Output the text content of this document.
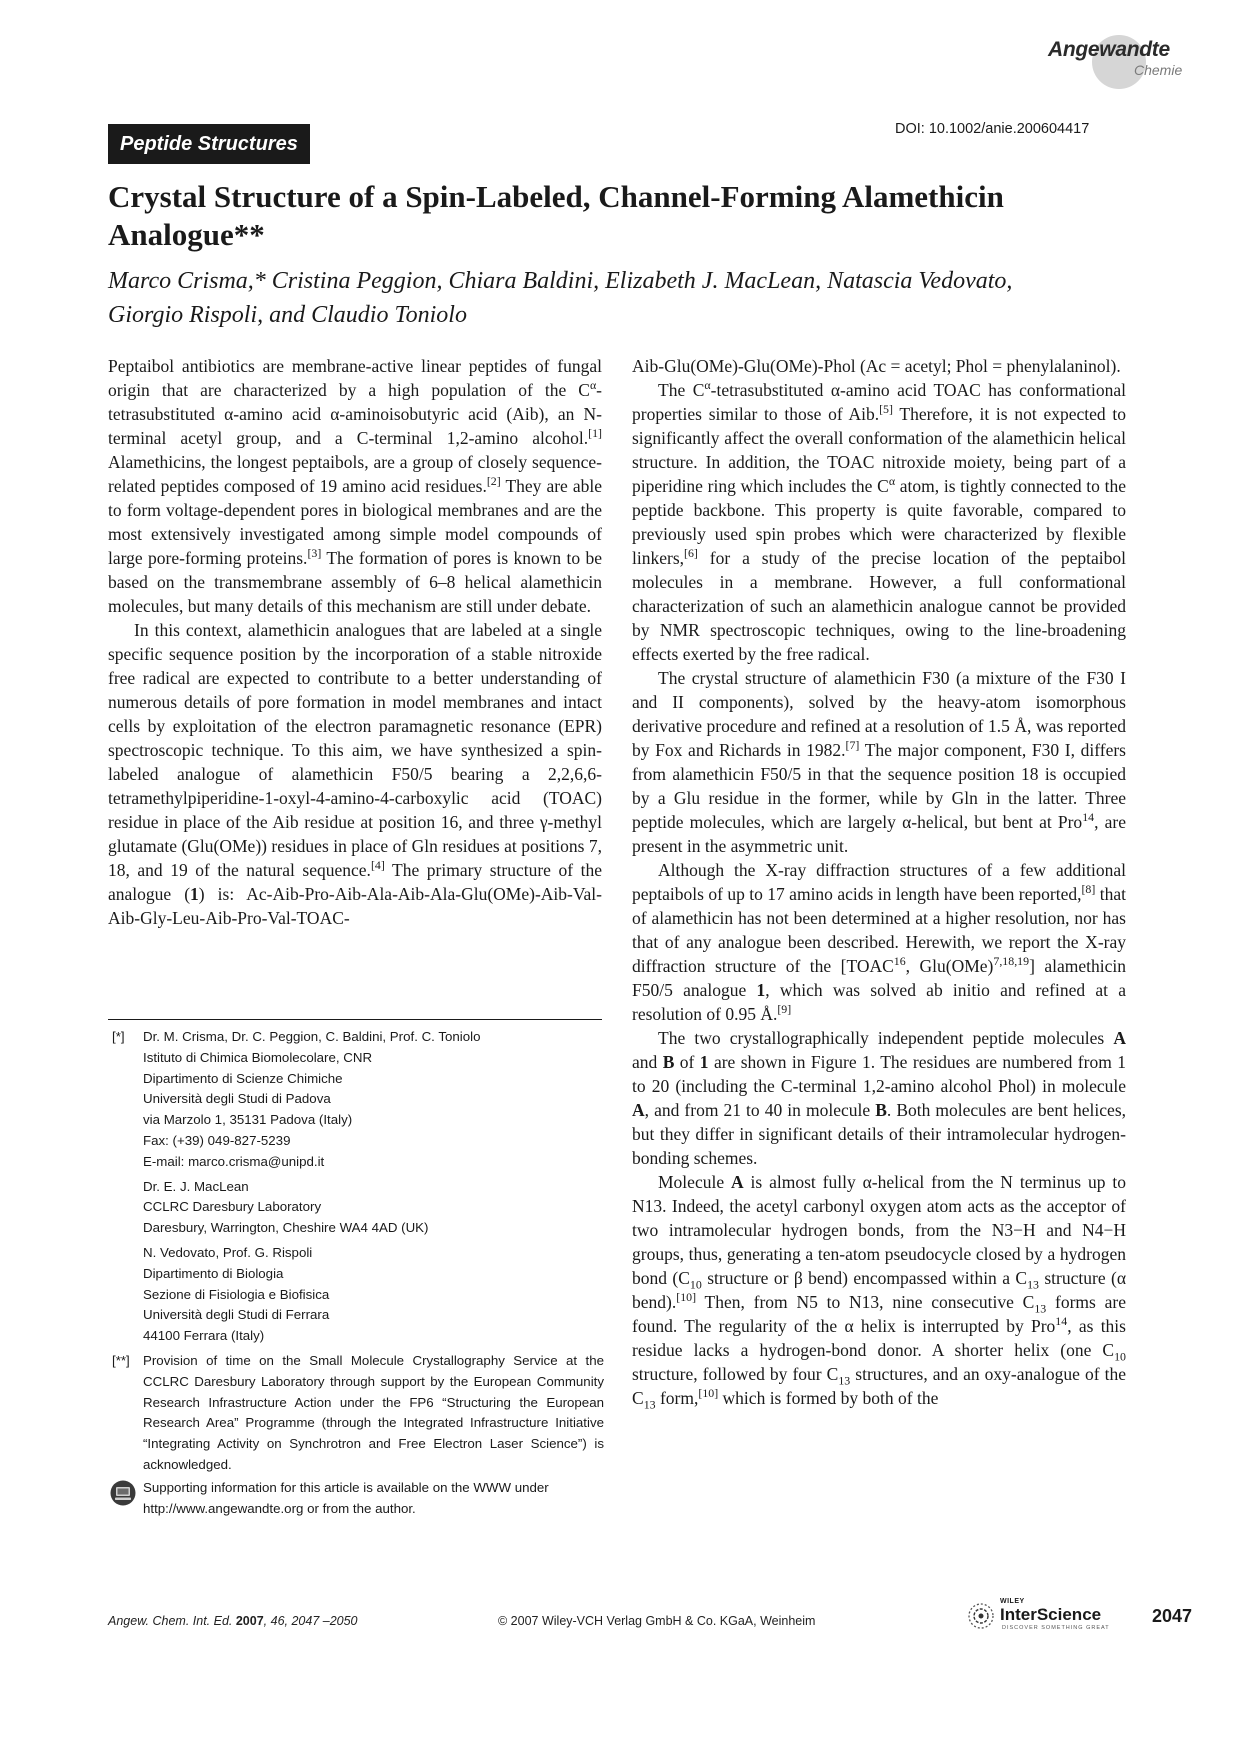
Angewandte
Chemie
DOI: 10.1002/anie.200604417
Peptide Structures
Crystal Structure of a Spin-Labeled, Channel-Forming Alamethicin Analogue**
Marco Crisma,* Cristina Peggion, Chiara Baldini, Elizabeth J. MacLean, Natascia Vedovato,
Giorgio Rispoli, and Claudio Toniolo

Peptaibol antibiotics are membrane-active linear peptides of fungal origin that are characterized by a high population of the $C^\alpha$-tetrasubstituted α-amino acid α-aminoisobutyric acid (Aib), an N-terminal acetyl group, and a C-terminal 1,2-amino alcohol.[1] Alamethicins, the longest peptaibols, are a group of closely sequence-related peptides composed of 19 amino acid residues.[2] They are able to form voltage-dependent pores in biological membranes and are the most extensively investigated among simple model compounds of large pore-forming proteins.[3] The formation of pores is known to be based on the transmembrane assembly of 6–8 helical alamethicin molecules, but many details of this mechanism are still under debate.

In this context, alamethicin analogues that are labeled at a single specific sequence position by the incorporation of a stable nitroxide free radical are expected to contribute to a better understanding of numerous details of pore formation in model membranes and intact cells by exploitation of the electron paramagnetic resonance (EPR) spectroscopic technique. To this aim, we have synthesized a spin-labeled analogue of alamethicin F50/5 bearing a 2,2,6,6-tetramethylpiperidine-1-oxyl-4-amino-4-carboxylic acid (TOAC) residue in place of the Aib residue at position 16, and three γ-methyl glutamate (Glu(OMe)) residues in place of Gln residues at positions 7, 18, and 19 of the natural sequence.[4] The primary structure of the analogue (1) is: Ac-Aib-Pro-Aib-Ala-Aib-Ala-Glu(OMe)-Aib-Val-Aib-Gly-Leu-Aib-Pro-Val-TOAC-

[*] Dr. M. Crisma, Dr. C. Peggion, C. Baldini, Prof. C. Toniolo
Istituto di Chimica Biomolecolare, CNR
Dipartimento di Scienze Chimiche
Università degli Studi di Padova
via Marzolo 1, 35131 Padova (Italy)
Fax: (+39) 049-827-5239
E-mail: marco.crisma@unipd.it
Dr. E. J. MacLean
CCLRC Daresbury Laboratory
Daresbury, Warrington, Cheshire WA4 4AD (UK)
N. Vedovato, Prof. G. Rispoli
Dipartimento di Biologia
Sezione di Fisiologia e Biofisica
Università degli Studi di Ferrara
44100 Ferrara (Italy)
[**] Provision of time on the Small Molecule Crystallography Service at the CCLRC Daresbury Laboratory through support by the European Community Research Infrastructure Action under the FP6 “Structuring the European Research Area” Programme (through the Integrated Infrastructure Initiative “Integrating Activity on Synchrotron and Free Electron Laser Science”) is acknowledged.
Supporting information for this article is available on the WWW under http://www.angewandte.org or from the author.

Aib-Glu(OMe)-Glu(OMe)-Phol (Ac = acetyl; Phol = phenylalaninol).

The $C^\alpha$-tetrasubstituted α-amino acid TOAC has conformational properties similar to those of Aib.[5] Therefore, it is not expected to significantly affect the overall conformation of the alamethicin helical structure. In addition, the TOAC nitroxide moiety, being part of a piperidine ring which includes the $C^\alpha$ atom, is tightly connected to the peptide backbone. This property is quite favorable, compared to previously used spin probes which were characterized by flexible linkers,[6] for a study of the precise location of the peptaibol molecules in a membrane. However, a full conformational characterization of such an alamethicin analogue cannot be provided by NMR spectroscopic techniques, owing to the line-broadening effects exerted by the free radical.

The crystal structure of alamethicin F30 (a mixture of the F30 I and II components), solved by the heavy-atom isomorphous derivative procedure and refined at a resolution of 1.5 Å, was reported by Fox and Richards in 1982.[7] The major component, F30 I, differs from alamethicin F50/5 in that the sequence position 18 is occupied by a Glu residue in the former, while by Gln in the latter. Three peptide molecules, which are largely α-helical, but bent at Pro$^{14}$, are present in the asymmetric unit.

Although the X-ray diffraction structures of a few additional peptaibols of up to 17 amino acids in length have been reported,[8] that of alamethicin has not been determined at a higher resolution, nor has that of any analogue been described. Herewith, we report the X-ray diffraction structure of the [TOAC$^{16}$, Glu(OMe)$^{7,18,19}$] alamethicin F50/5 analogue 1, which was solved ab initio and refined at a resolution of 0.95 Å.[9]

The two crystallographically independent peptide molecules A and B of 1 are shown in Figure 1. The residues are numbered from 1 to 20 (including the C-terminal 1,2-amino alcohol Phol) in molecule A, and from 21 to 40 in molecule B. Both molecules are bent helices, but they differ in significant details of their intramolecular hydrogen-bonding schemes.

Molecule A is almost fully α-helical from the N terminus up to N13. Indeed, the acetyl carbonyl oxygen atom acts as the acceptor of two intramolecular hydrogen bonds, from the N3−H and N4−H groups, thus, generating a ten-atom pseudocycle closed by a hydrogen bond ($C_{10}$ structure or β bend) encompassed within a $C_{13}$ structure (α bend).[10] Then, from N5 to N13, nine consecutive $C_{13}$ forms are found. The regularity of the α helix is interrupted by Pro$^{14}$, as this residue lacks a hydrogen-bond donor. A shorter helix (one $C_{10}$ structure, followed by four $C_{13}$ structures, and an oxy-analogue of the $C_{13}$ form,[10] which is formed by both of the

Angew. Chem. Int. Ed. 2007, 46, 2047 –2050	© 2007 Wiley-VCH Verlag GmbH & Co. KGaA, Weinheim
WILEY
InterScience
DISCOVER SOMETHING GREAT
2047
